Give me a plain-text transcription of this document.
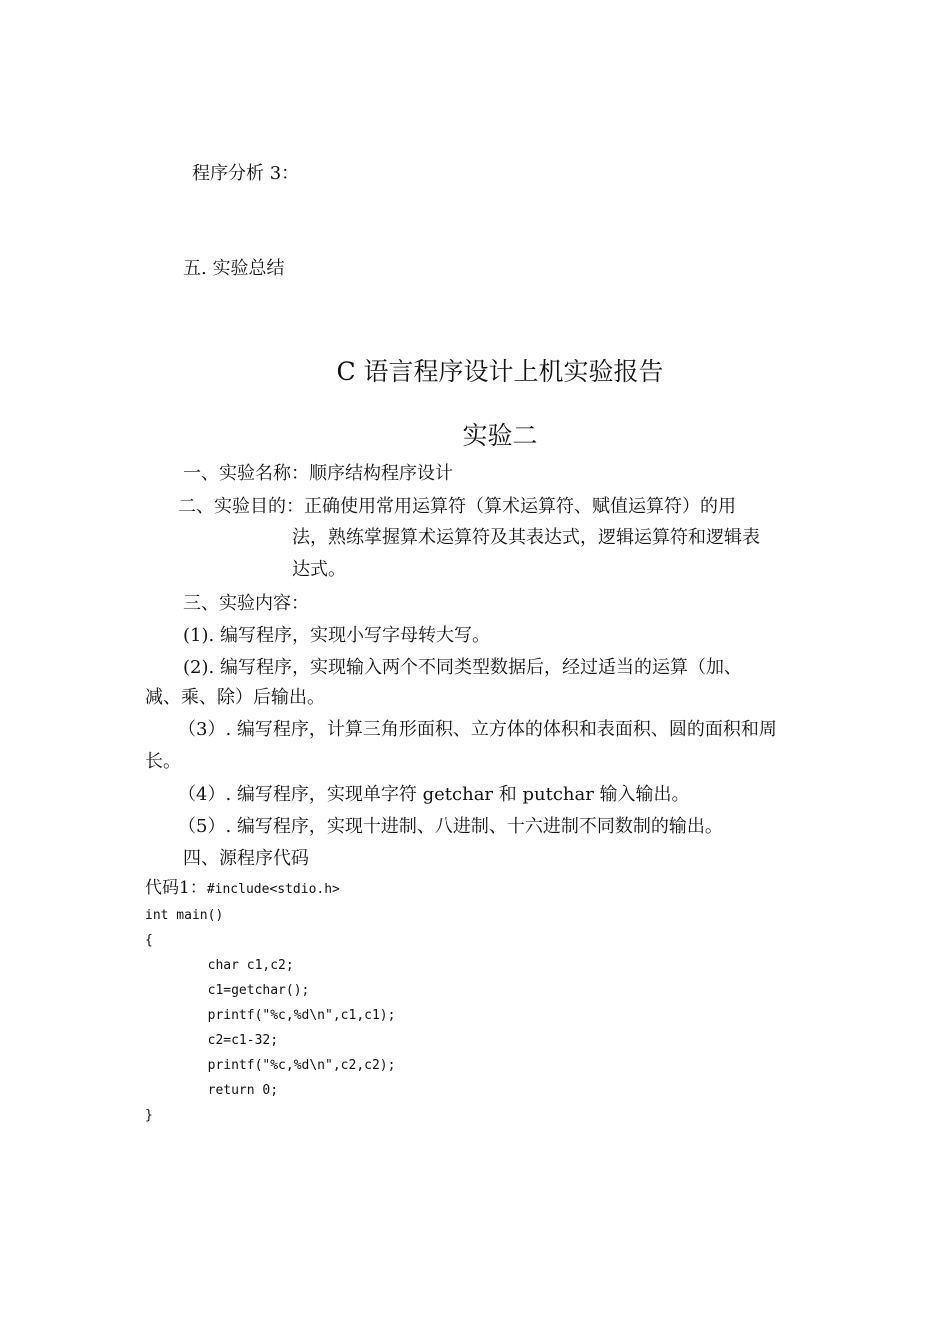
程序分析 3：
五. 实验总结
C 语言程序设计上机实验报告
实验二
一、实验名称：顺序结构程序设计
二、实验目的：正确使用常用运算符（算术运算符、赋值运算符）的用
法，熟练掌握算术运算符及其表达式，逻辑运算符和逻辑表
达式。
三、实验内容：
(1). 编写程序，实现小写字母转大写。
(2). 编写程序，实现输入两个不同类型数据后，经过适当的运算（加、
减、乘、除）后输出。
（3）. 编写程序，计算三角形面积、立方体的体积和表面积、圆的面积和周
长。
（4）. 编写程序，实现单字符 getchar 和 putchar 输入输出。
（5）. 编写程序，实现十进制、八进制、十六进制不同数制的输出。
四、源程序代码
代码1：#include<stdio.h>
int main()
{
char c1,c2;
c1=getchar();
printf("%c,%d\n",c1,c1);
c2=c1-32;
printf("%c,%d\n",c2,c2);
return 0;
}
